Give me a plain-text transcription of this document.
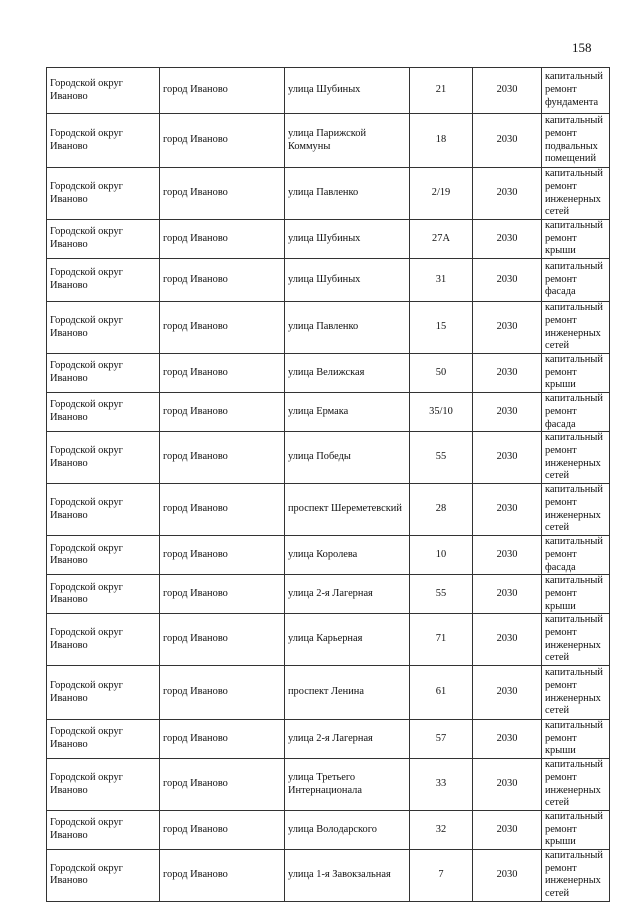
158
Городской округ Иваново	город Иваново	улица Шубиных	21	2030	капитальный ремонт фундамента
Городской округ Иваново	город Иваново	улица Парижской Коммуны	18	2030	капитальный ремонт подвальных помещений
Городской округ Иваново	город Иваново	улица Павленко	2/19	2030	капитальный ремонт инженерных сетей
Городской округ Иваново	город Иваново	улица Шубиных	27А	2030	капитальный ремонт крыши
Городской округ Иваново	город Иваново	улица Шубиных	31	2030	капитальный ремонт фасада
Городской округ Иваново	город Иваново	улица Павленко	15	2030	капитальный ремонт инженерных сетей
Городской округ Иваново	город Иваново	улица Велижская	50	2030	капитальный ремонт крыши
Городской округ Иваново	город Иваново	улица Ермака	35/10	2030	капитальный ремонт фасада
Городской округ Иваново	город Иваново	улица Победы	55	2030	капитальный ремонт инженерных сетей
Городской округ Иваново	город Иваново	проспект Шереметевский	28	2030	капитальный ремонт инженерных сетей
Городской округ Иваново	город Иваново	улица Королева	10	2030	капитальный ремонт фасада
Городской округ Иваново	город Иваново	улица 2-я Лагерная	55	2030	капитальный ремонт крыши
Городской округ Иваново	город Иваново	улица Карьерная	71	2030	капитальный ремонт инженерных сетей
Городской округ Иваново	город Иваново	проспект Ленина	61	2030	капитальный ремонт инженерных сетей
Городской округ Иваново	город Иваново	улица 2-я Лагерная	57	2030	капитальный ремонт крыши
Городской округ Иваново	город Иваново	улица Третьего Интернационала	33	2030	капитальный ремонт инженерных сетей
Городской округ Иваново	город Иваново	улица Володарского	32	2030	капитальный ремонт крыши
Городской округ Иваново	город Иваново	улица 1-я Завокзальная	7	2030	капитальный ремонт инженерных сетей
